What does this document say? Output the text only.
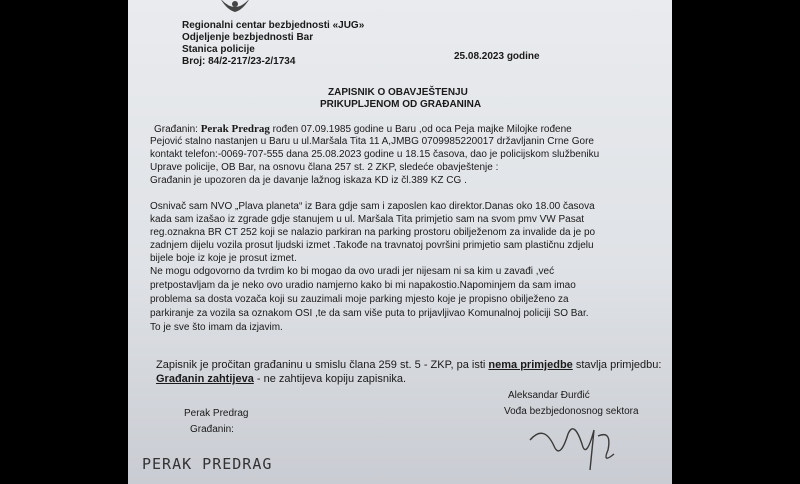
Regionalni centar bezbjednosti «JUG»
Odjeljenje bezbjednosti Bar
Stanica policije
Broj: 84/2-217/23-2/1734	25.08.2023 godine
ZAPISNIK O OBAVJEŠTENJU
PRIKUPLJENOM OD GRAĐANINA
Građanin: Perak Predrag rođen 07.09.1985 godine u Baru ,od oca Peja majke Milojke rođene
Pejović stalno nastanjen u Baru u ul.Maršala Tita 11 A,JMBG 0709985220017 državljanin Crne Gore
kontakt telefon:-0069-707-555 dana 25.08.2023 godine u 18.15 časova, dao je policijskom službeniku
Uprave policije, OB Bar, na osnovu člana 257 st. 2 ZKP, sledeće obavještenje :
Građanin je upozoren da je davanje lažnog iskaza KD iz čl.389 KZ CG .
Osnivač sam NVO „Plava planeta“ iz Bara gdje sam i zaposlen kao direktor.Danas oko 18.00 časova
kada sam izašao iz zgrade gdje stanujem u ul. Maršala Tita primjetio sam na svom pmv VW Pasat
reg.oznakna BR CT 252 koji se nalazio parkiran na parking prostoru obilježenom za invalide da je po
zadnjem dijelu vozila prosut ljudski izmet .Takođe na travnatoj površini primjetio sam plastičnu zdjelu
bijele boje iz koje je prosut izmet.
Ne mogu odgovorno da tvrdim ko bi mogao da ovo uradi jer nijesam ni sa kim u zavađi ,već
pretpostavljam da je neko ovo uradio namjerno kako bi mi napakostio.Napominjem da sam imao
problema sa dosta vozača koji su zauzimali moje parking mjesto koje je propisno obilježeno za
parkiranje za vozila sa oznakom OSI ,te da sam više puta to prijavljivao Komunalnoj policiji SO Bar.
To je sve što imam da izjavim.
Zapisnik je pročitan građaninu u smislu člana 259 st. 5 - ZKP, pa isti nema primjedbe stavlja primjedbu:
Građanin zahtijeva - ne zahtijeva kopiju zapisnika.
Perak Predrag
Građanin:
PERAK PREDRAG
Aleksandar Đurđić
Vođa bezbjedonosnog sektora
